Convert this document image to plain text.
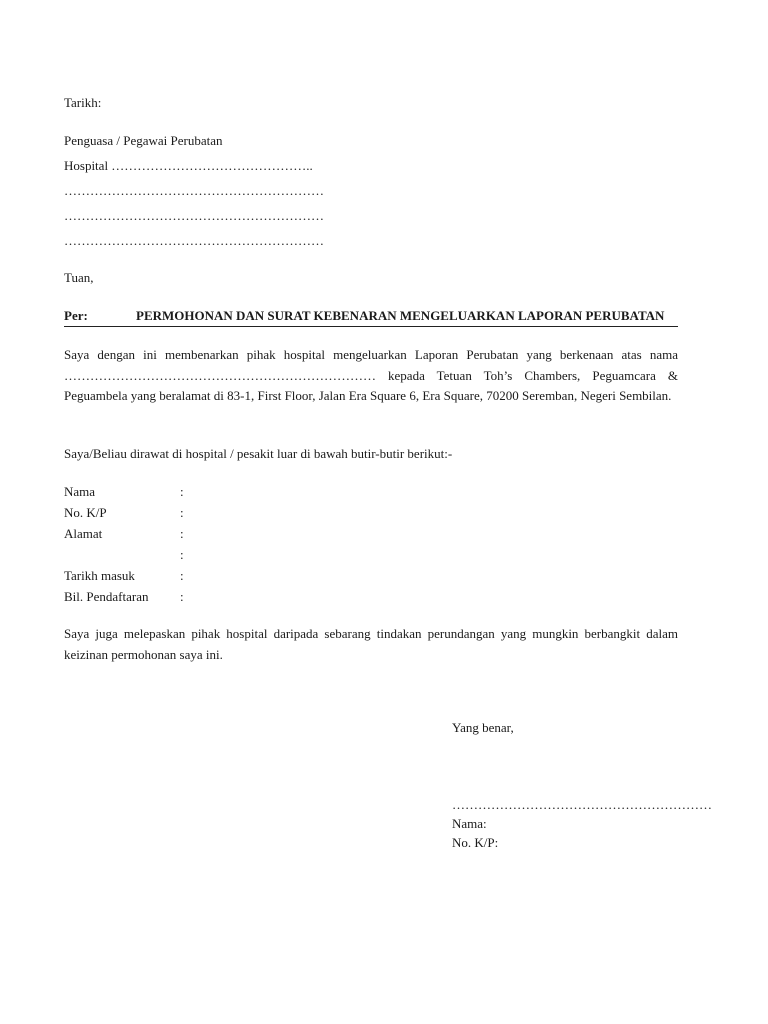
Tarikh:
Penguasa / Pegawai Perubatan
Hospital ………………………………………..
……………………………………………………
……………………………………………………
……………………………………………………
Tuan,
Per:	PERMOHONAN DAN SURAT KEBENARAN MENGELUARKAN LAPORAN PERUBATAN
Saya dengan ini membenarkan pihak hospital mengeluarkan Laporan Perubatan yang berkenaan atas nama ……………………………………………………………… kepada Tetuan Toh’s Chambers, Peguamcara & Peguambela yang beralamat di 83-1, First Floor, Jalan Era Square 6, Era Square, 70200 Seremban, Negeri Sembilan.
Saya/Beliau dirawat di hospital / pesakit luar di bawah butir-butir berikut:-
Nama	:
No. K/P	:
Alamat	:
:
Tarikh masuk	:
Bil. Pendaftaran :
Saya juga melepaskan pihak hospital daripada sebarang tindakan perundangan yang mungkin berbangkit dalam keizinan permohonan saya ini.
Yang benar,
……………………………………………………
Nama:
No. K/P:
